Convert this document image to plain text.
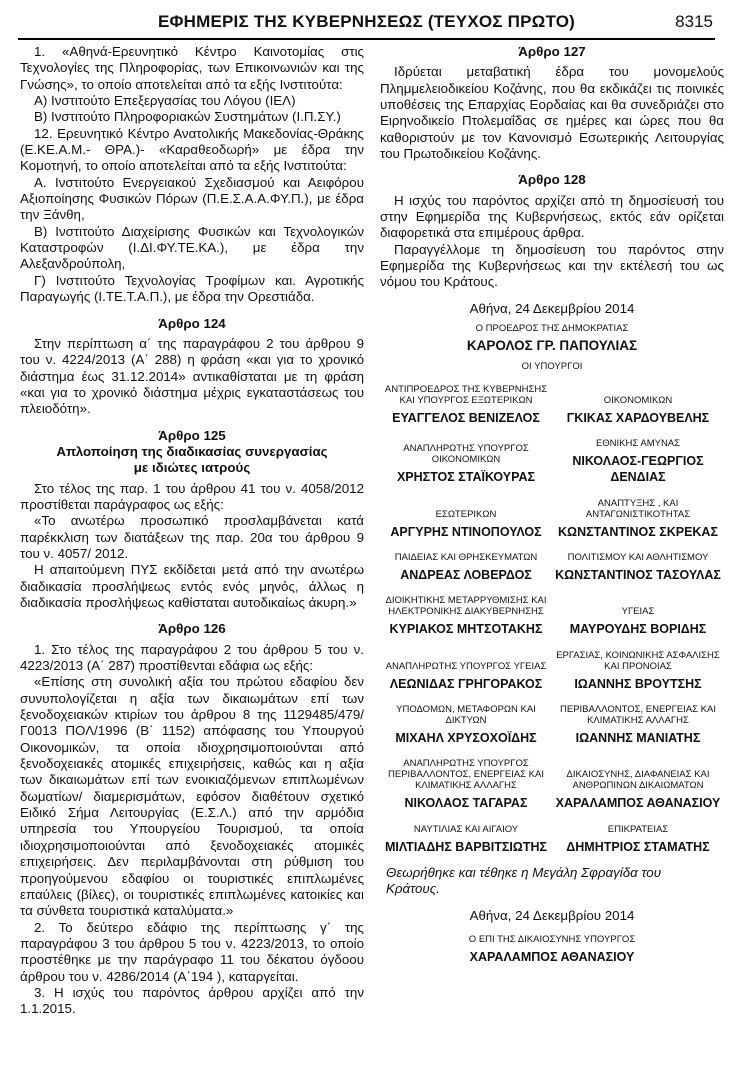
ΕΦΗΜΕΡΙΣ ΤΗΣ ΚΥΒΕΡΝΗΣΕΩΣ (ΤΕΥΧΟΣ ΠΡΩΤΟ)	8315

1. «Αθηνά-Ερευνητικό Κέντρο Καινοτομίας στις Τεχνολογίες της Πληροφορίας, των Επικοινωνιών και της Γνώσης», το οποίο αποτελείται από τα εξής Ινστιτούτα:

Α) Ινστιτούτο Επεξεργασίας του Λόγου (ΙΕΛ)

Β) Ινστιτούτο Πληροφοριακών Συστημάτων (Ι.Π.ΣΥ.)

12. Ερευνητικό Κέντρο Ανατολικής Μακεδονίας-Θράκης (Ε.ΚΕ.Α.Μ.- ΘΡΑ.)- «Καραθεοδωρή» με έδρα την Κομοτηνή, το οποίο αποτελείται από τα εξής Ινστιτούτα:

Α. Ινστιτούτο Ενεργειακού Σχεδιασμού και Αειφόρου Αξιοποίησης Φυσικών Πόρων (Π.Ε.Σ.Α.Α.ΦΥ.Π.), με έδρα την Ξάνθη,

Β) Ινστιτούτο Διαχείρισης Φυσικών και Τεχνολογικών Καταστροφών (Ι.ΔΙ.ΦΥ.ΤΕ.ΚΑ.), με έδρα την Αλεξανδρούπολη,

Γ) Ινστιτούτο Τεχνολογίας Τροφίμων και. Αγροτικής Παραγωγής (Ι.ΤΕ.Τ.Α.Π.), με έδρα την Ορεστιάδα.

Άρθρο 124

Στην περίπτωση α΄ της παραγράφου 2 του άρθρου 9 του ν. 4224/2013 (Α΄ 288) η φράση «και για το χρονικό διάστημα έως 31.12.2014» αντικαθίσταται με τη φράση «και για το χρονικό διάστημα μέχρις εγκαταστάσεως του πλειοδότη».

Άρθρο 125
Απλοποίηση της διαδικασίας συνεργασίας με ιδιώτες ιατρούς

Στο τέλος της παρ. 1 του άρθρου 41 του ν. 4058/2012 προστίθεται παράγραφος ως εξής:

«Το ανωτέρω προσωπικό προσλαμβάνεται κατά παρέκκλιση των διατάξεων της παρ. 20α του άρθρου 9 του ν. 4057/ 2012.

Η απαιτούμενη ΠΥΣ εκδίδεται μετά από την ανωτέρω διαδικασία προσλήψεως εντός ενός μηνός, άλλως η διαδικασία προσλήψεως καθίσταται αυτοδικαίως άκυρη.»

Άρθρο 126

1. Στο τέλος της παραγράφου 2 του άρθρου 5 του ν. 4223/2013 (Α΄ 287) προστίθενται εδάφια ως εξής:

«Επίσης στη συνολική αξία του πρώτου εδαφίου δεν συνυπολογίζεται η αξία των δικαιωμάτων επί των ξενοδοχειακών κτιρίων του άρθρου 8 της 1129485/479/ Γ0013 ΠΟΛ/1996 (Β΄ 1152) απόφασης του Υπουργού Οικονομικών, τα οποία ιδιοχρησιμοποιούνται από ξενοδοχειακές ατομικές επιχειρήσεις, καθώς και η αξία των δικαιωμάτων επί των ενοικιαζόμενων επιπλωμένων δωματίων/ διαμερισμάτων, εφόσον διαθέτουν σχετικό Ειδικό Σήμα Λειτουργίας (Ε.Σ.Λ.) από την αρμόδια υπηρεσία του Υπουργείου Τουρισμού, τα οποία ιδιοχρησιμοποιούνται από ξενοδοχειακές ατομικές επιχειρήσεις. Δεν περιλαμβάνονται στη ρύθμιση του προηγούμενου εδαφίου οι τουριστικές επιπλωμένες επαύλεις (βίλες), οι τουριστικές επιπλωμένες κατοικίες και τα σύνθετα τουριστικά καταλύματα.»

2. Το δεύτερο εδάφιο της περίπτωσης γ΄ της παραγράφου 3 του άρθρου 5 του ν. 4223/2013, το οποίο προστέθηκε με την παράγραφο 11 του δέκατου όγδοου άρθρου του ν. 4286/2014 (Α΄194 ), καταργείται.

3. Η ισχύς του παρόντος άρθρου αρχίζει από την 1.1.2015.

Άρθρο 127

Ιδρύεται μεταβατική έδρα του μονομελούς Πλημμελειοδικείου Κοζάνης, που θα εκδικάζει τις ποινικές υποθέσεις της Επαρχίας Εορδαίας και θα συνεδριάζει στο Ειρηνοδικείο Πτολεμαΐδας σε ημέρες και ώρες που θα καθοριστούν με τον Κανονισμό Εσωτερικής Λειτουργίας του Πρωτοδικείου Κοζάνης.

Άρθρο 128

Η ισχύς του παρόντος αρχίζει από τη δημοσίευσή του στην Εφημερίδα της Κυβερνήσεως, εκτός εάν ορίζεται διαφορετικά στα επιμέρους άρθρα.

Παραγγέλλομε τη δημοσίευση του παρόντος στην Εφημερίδα της Κυβερνήσεως και την εκτέλεσή του ως νόμου του Κράτους.

Αθήνα, 24 Δεκεμβρίου 2014

Ο ΠΡΟΕΔΡΟΣ ΤΗΣ ΔΗΜΟΚΡΑΤΙΑΣ
ΚΑΡΟΛΟΣ ΓΡ. ΠΑΠΟΥΛΙΑΣ
ΟΙ ΥΠΟΥΡΓΟΙ
ΑΝΤΙΠΡΟΕΔΡΟΣ ΤΗΣ ΚΥΒΕΡΝΗΣΗΣ ΚΑΙ ΥΠΟΥΡΓΟΣ ΕΞΩΤΕΡΙΚΩΝ
ΕΥΑΓΓΕΛΟΣ ΒΕΝΙΖΕΛΟΣ
ΟΙΚΟΝΟΜΙΚΩΝ
ΓΚΙΚΑΣ ΧΑΡΔΟΥΒΕΛΗΣ
ΑΝΑΠΛΗΡΩΤΗΣ ΥΠΟΥΡΓΟΣ ΟΙΚΟΝΟΜΙΚΩΝ
ΧΡΗΣΤΟΣ ΣΤΑΪΚΟΥΡΑΣ
ΕΘΝΙΚΗΣ ΑΜΥΝΑΣ
ΝΙΚΟΛΑΟΣ-ΓΕΩΡΓΙΟΣ ΔΕΝΔΙΑΣ
ΕΣΩΤΕΡΙΚΩΝ
ΑΡΓΥΡΗΣ ΝΤΙΝΟΠΟΥΛΟΣ
ΑΝΑΠΤΥΞΗΣ , ΚΑΙ ΑΝΤΑΓΩΝΙΣΤΙΚΟΤΗΤΑΣ
ΚΩΝΣΤΑΝΤΙΝΟΣ ΣΚΡΕΚΑΣ
ΠΑΙΔΕΙΑΣ ΚΑΙ ΘΡΗΣΚΕΥΜΑΤΩΝ
ΑΝΔΡΕΑΣ ΛΟΒΕΡΔΟΣ
ΠΟΛΙΤΙΣΜΟΥ ΚΑΙ ΑΘΛΗΤΙΣΜΟΥ
ΚΩΝΣΤΑΝΤΙΝΟΣ ΤΑΣΟΥΛΑΣ
ΔΙΟΙΚΗΤΙΚΗΣ ΜΕΤΑΡΡΥΘΜΙΣΗΣ ΚΑΙ ΗΛΕΚΤΡΟΝΙΚΗΣ ΔΙΑΚΥΒΕΡΝΗΣΗΣ
ΚΥΡΙΑΚΟΣ ΜΗΤΣΟΤΑΚΗΣ
ΥΓΕΙΑΣ
ΜΑΥΡΟΥΔΗΣ ΒΟΡΙΔΗΣ
ΑΝΑΠΛΗΡΩΤΗΣ ΥΠΟΥΡΓΟΣ ΥΓΕΙΑΣ
ΛΕΩΝΙΔΑΣ ΓΡΗΓΟΡΑΚΟΣ
ΕΡΓΑΣΙΑΣ, ΚΟΙΝΩΝΙΚΗΣ ΑΣΦΑΛΙΣΗΣ ΚΑΙ ΠΡΟΝΟΙΑΣ
ΙΩΑΝΝΗΣ ΒΡΟΥΤΣΗΣ
ΥΠΟΔΟΜΩΝ, ΜΕΤΑΦΟΡΩΝ ΚΑΙ ΔΙΚΤΥΩΝ
ΜΙΧΑΗΛ ΧΡΥΣΟΧΟΪΔΗΣ
ΠΕΡΙΒΑΛΛΟΝΤΟΣ, ΕΝΕΡΓΕΙΑΣ ΚΑΙ ΚΛΙΜΑΤΙΚΗΣ ΑΛΛΑΓΗΣ
ΙΩΑΝΝΗΣ ΜΑΝΙΑΤΗΣ
ΑΝΑΠΛΗΡΩΤΗΣ ΥΠΟΥΡΓΟΣ ΠΕΡΙΒΑΛΛΟΝΤΟΣ, ΕΝΕΡΓΕΙΑΣ ΚΑΙ ΚΛΙΜΑΤΙΚΗΣ ΑΛΛΑΓΗΣ
ΝΙΚΟΛΑΟΣ ΤΑΓΑΡΑΣ
ΔΙΚΑΙΟΣΥΝΗΣ, ΔΙΑΦΑΝΕΙΑΣ ΚΑΙ ΑΝΘΡΩΠΙΝΩΝ ΔΙΚΑΙΩΜΑΤΩΝ
ΧΑΡΑΛΑΜΠΟΣ ΑΘΑΝΑΣΙΟΥ
ΝΑΥΤΙΛΙΑΣ ΚΑΙ ΑΙΓΑΙΟΥ
ΜΙΛΤΙΑΔΗΣ ΒΑΡΒΙΤΣΙΩΤΗΣ
ΕΠΙΚΡΑΤΕΙΑΣ
ΔΗΜΗΤΡΙΟΣ ΣΤΑΜΑΤΗΣ

Θεωρήθηκε και τέθηκε η Μεγάλη Σφραγίδα του Κράτους.

Αθήνα, 24 Δεκεμβρίου 2014

Ο ΕΠΙ ΤΗΣ ΔΙΚΑΙΟΣΥΝΗΣ ΥΠΟΥΡΓΟΣ
ΧΑΡΑΛΑΜΠΟΣ ΑΘΑΝΑΣΙΟΥ
